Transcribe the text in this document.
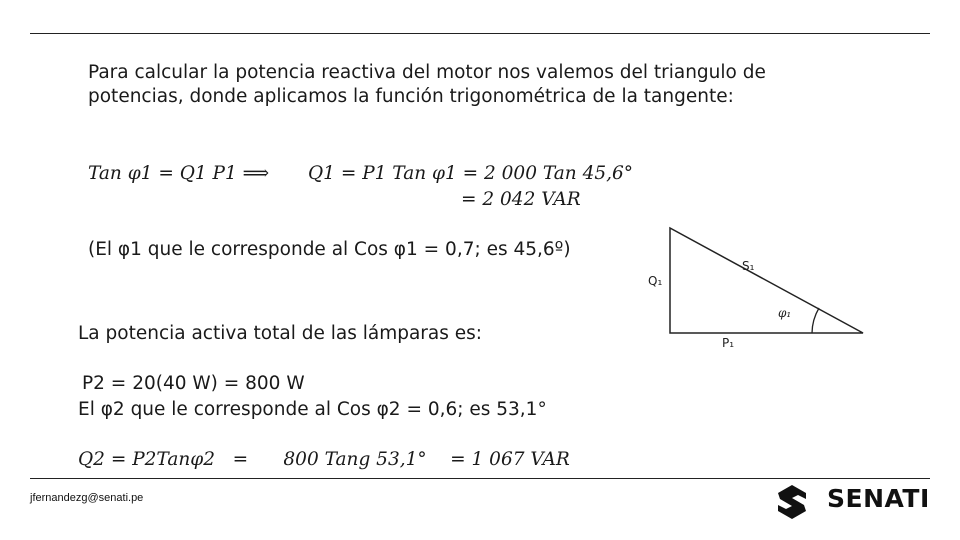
Para calcular la potencia reactiva del motor nos valemos del triangulo de potencias, donde aplicamos la función trigonométrica de la tangente:
Tan φ1 = Q1 P1 ⟹ Q1 = P1 Tan φ1 = 2 000 Tan 45,6°
= 2 042 VAR
(El φ1 que le corresponde al Cos φ1 = 0,7; es 45,6º)
La potencia activa total de las lámparas es:
P2 = 20(40 W) = 800 W
El φ2 que le corresponde al Cos φ2 = 0,6; es 53,1°
Q2 = P2Tanφ2   =      800 Tang 53,1°    = 1 067 VAR
S₁
Q₁
P₁
φ₁
jfernandezg@senati.pe	SENATI
